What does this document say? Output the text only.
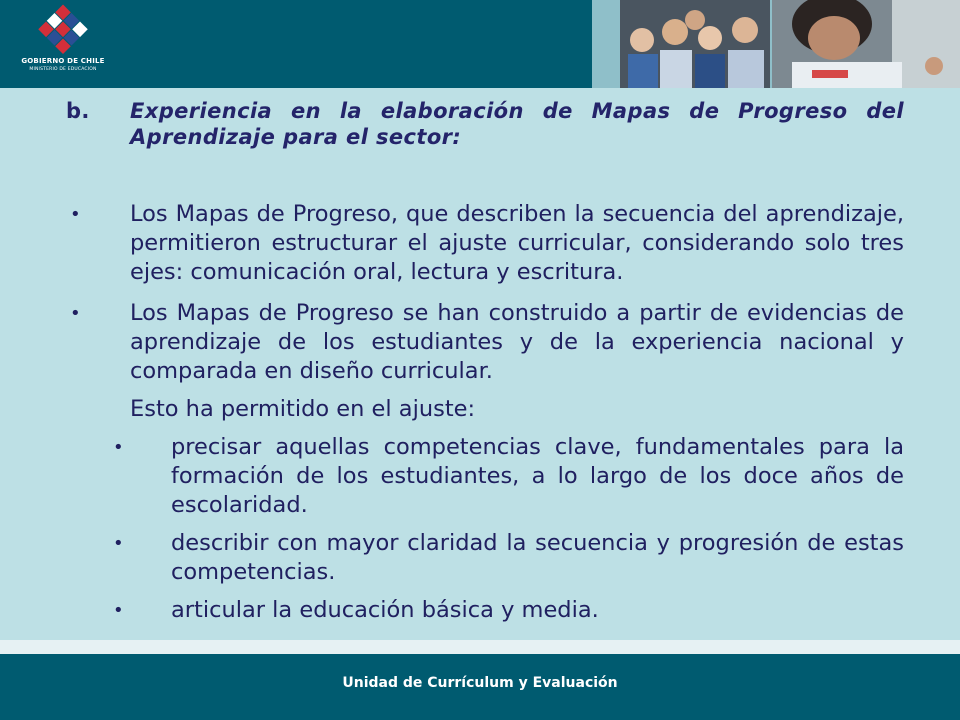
GOBIERNO DE CHILE
MINISTERIO DE EDUCACION
b. Experiencia en la elaboración de Mapas de Progreso del Aprendizaje para el sector:
• Los Mapas de Progreso, que describen la secuencia del aprendizaje, permitieron estructurar el ajuste curricular, considerando solo tres ejes: comunicación oral, lectura y escritura.
• Los Mapas de Progreso se han construido a partir de evidencias de aprendizaje de los estudiantes y de la experiencia nacional y comparada en diseño curricular.
Esto ha permitido en el ajuste:
• precisar aquellas competencias clave, fundamentales para la formación de los estudiantes, a lo largo de los doce años de escolaridad.
• describir con mayor claridad la secuencia y progresión de estas competencias.
• articular la educación básica y media.
Unidad de Currículum y Evaluación
